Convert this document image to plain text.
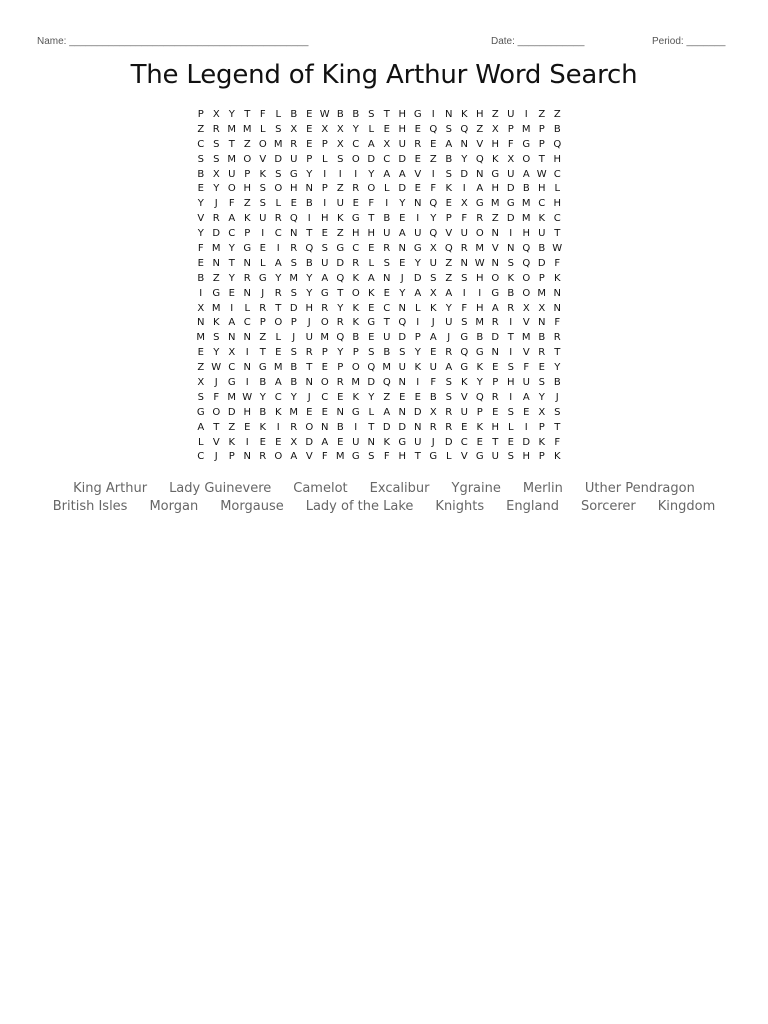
Name: ___________________________________________	Date: ____________	Period: _______
The Legend of King Arthur Word Search
P X Y T F L B E W B B S T H G	I	N K H Z U	I	Z Z
Z R M M L S X E X X Y L E H E Q S Q Z X P M P B
C S T Z O M R E P X C A X U R E A N V H F G P Q
S S M O V D U P L S O D C D E Z B Y Q K X O T H
B X U P K S G Y	I	I	I	Y A A V	I	S D N G U A W C
E Y O H S O H N P Z R O L D E F K	I	A H D B H L
Y	J	F Z S L E B	I	U E F	I	Y N Q E X G M G M C H
V R A K U R Q	I	H K G T B E	I	Y P F R Z D M K C
Y D C P	I	C N T E Z H H U A U Q V U O N	I	H U T
F M Y G E	I	R Q S G C E R N G X Q R M V N Q B W
E N T N L A S B U D R L S E Y U Z N W N S Q D F
B Z Y R G Y M Y A Q K A N	J	D S Z S H O K O P K
I	G E N	J	R S Y G T O K E Y A X A	I	I	G B O M N
X M I	L R T D H R Y K E C N L K Y F H A R X X N
N K A C P O P	J	O R K G T Q	I	J	U S M R	I	V N F
M S N N Z L	J	U M Q B E U D P A	J	G B D T M B R
E Y X	I	T E S R P Y P S B S Y E R Q G N	I	V R T
Z W C N G M B T E P O Q M U K U A G K E S F E Y
X	J	G	I	B A B N O R M D Q N	I	F S K Y P H U S B
S F M W Y C Y	J	C E K Y Z E E B S V Q R	I	A Y	J
G O D H B K M E E N G L A N D X R U P E S E X S
A T Z E K	I	R O N B	I	T D D N R R E K H L	I	P T
L V K	I	E E X D A E U N K G U	J	D C E T E D K F
C	J	P N R O A V F M G S F H T G L V G U S H P K
King Arthur Lady Guinevere Camelot Excalibur Ygraine Merlin Uther Pendragon
British Isles Morgan Morgause Lady of the Lake Knights England Sorcerer Kingdom
